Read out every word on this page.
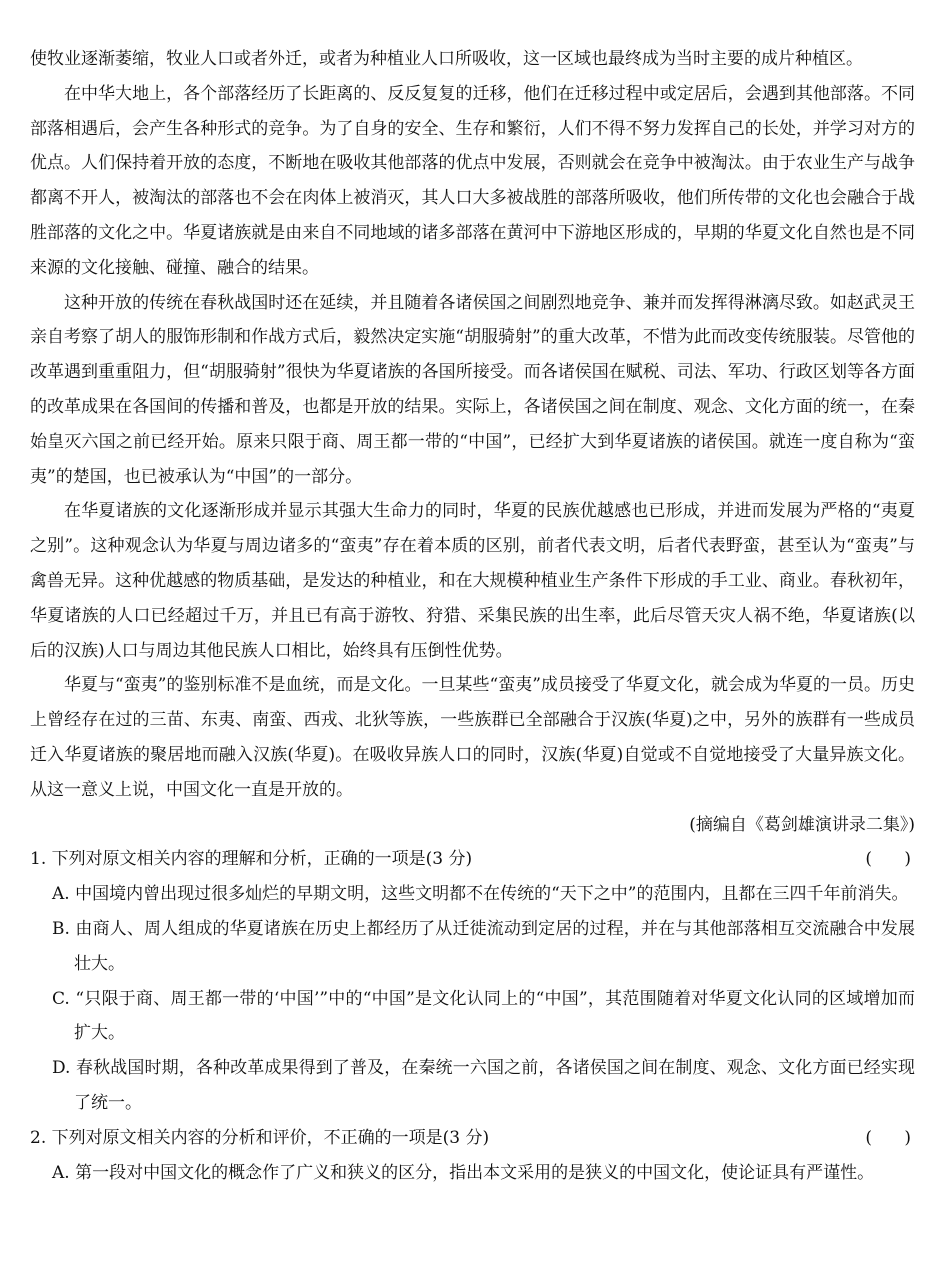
使牧业逐渐萎缩，牧业人口或者外迁，或者为种植业人口所吸收，这一区域也最终成为当时主要的成片种植区。

在中华大地上，各个部落经历了长距离的、反反复复的迁移，他们在迁移过程中或定居后，会遇到其他部落。不同部落相遇后，会产生各种形式的竞争。为了自身的安全、生存和繁衍，人们不得不努力发挥自己的长处，并学习对方的优点。人们保持着开放的态度，不断地在吸收其他部落的优点中发展，否则就会在竞争中被淘汰。由于农业生产与战争都离不开人，被淘汰的部落也不会在肉体上被消灭，其人口大多被战胜的部落所吸收，他们所传带的文化也会融合于战胜部落的文化之中。华夏诸族就是由来自不同地域的诸多部落在黄河中下游地区形成的，早期的华夏文化自然也是不同来源的文化接触、碰撞、融合的结果。

这种开放的传统在春秋战国时还在延续，并且随着各诸侯国之间剧烈地竞争、兼并而发挥得淋漓尽致。如赵武灵王亲自考察了胡人的服饰形制和作战方式后，毅然决定实施“胡服骑射”的重大改革，不惜为此而改变传统服装。尽管他的改革遇到重重阻力，但“胡服骑射”很快为华夏诸族的各国所接受。而各诸侯国在赋税、司法、军功、行政区划等各方面的改革成果在各国间的传播和普及，也都是开放的结果。实际上，各诸侯国之间在制度、观念、文化方面的统一，在秦始皇灭六国之前已经开始。原来只限于商、周王都一带的“中国”，已经扩大到华夏诸族的诸侯国。就连一度自称为“蛮夷”的楚国，也已被承认为“中国”的一部分。

在华夏诸族的文化逐渐形成并显示其强大生命力的同时，华夏的民族优越感也已形成，并进而发展为严格的“夷夏之别”。这种观念认为华夏与周边诸多的“蛮夷”存在着本质的区别，前者代表文明，后者代表野蛮，甚至认为“蛮夷”与禽兽无异。这种优越感的物质基础，是发达的种植业，和在大规模种植业生产条件下形成的手工业、商业。春秋初年，华夏诸族的人口已经超过千万，并且已有高于游牧、狩猎、采集民族的出生率，此后尽管天灾人祸不绝，华夏诸族(以后的汉族)人口与周边其他民族人口相比，始终具有压倒性优势。

华夏与“蛮夷”的鉴别标准不是血统，而是文化。一旦某些“蛮夷”成员接受了华夏文化，就会成为华夏的一员。历史上曾经存在过的三苗、东夷、南蛮、西戎、北狄等族，一些族群已全部融合于汉族(华夏)之中，另外的族群有一些成员迁入华夏诸族的聚居地而融入汉族(华夏)。在吸收异族人口的同时，汉族(华夏)自觉或不自觉地接受了大量异族文化。从这一意义上说，中国文化一直是开放的。

(摘编自《葛剑雄演讲录二集》)

1. 下列对原文相关内容的理解和分析，正确的一项是(3 分)	(      )

A. 中国境内曾出现过很多灿烂的早期文明，这些文明都不在传统的“天下之中”的范围内，且都在三四千年前消失。

B. 由商人、周人组成的华夏诸族在历史上都经历了从迁徙流动到定居的过程，并在与其他部落相互交流融合中发展壮大。

C. “只限于商、周王都一带的‘中国’”中的“中国”是文化认同上的“中国”，其范围随着对华夏文化认同的区域增加而扩大。

D. 春秋战国时期，各种改革成果得到了普及，在秦统一六国之前，各诸侯国之间在制度、观念、文化方面已经实现了统一。

2. 下列对原文相关内容的分析和评价，不正确的一项是(3 分)	(      )

A. 第一段对中国文化的概念作了广义和狭义的区分，指出本文采用的是狭义的中国文化，使论证具有严谨性。
